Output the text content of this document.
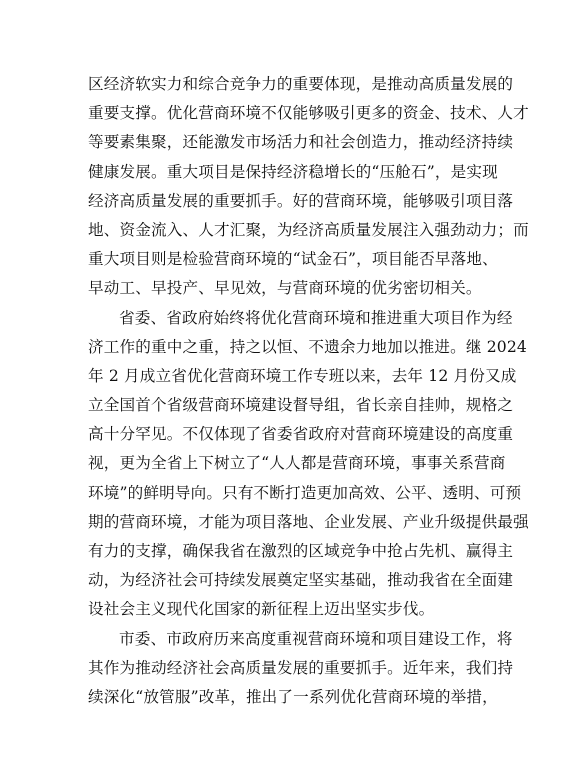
区经济软实力和综合竞争力的重要体现，是推动高质量发展的
重要支撑。优化营商环境不仅能够吸引更多的资金、技术、人才
等要素集聚，还能激发市场活力和社会创造力，推动经济持续
健康发展。重大项目是保持经济稳增长的“压舱石”，是实现
经济高质量发展的重要抓手。好的营商环境，能够吸引项目落
地、资金流入、人才汇聚，为经济高质量发展注入强劲动力；而
重大项目则是检验营商环境的“试金石”，项目能否早落地、
早动工、早投产、早见效，与营商环境的优劣密切相关。
省委、省政府始终将优化营商环境和推进重大项目作为经
济工作的重中之重，持之以恒、不遗余力地加以推进。继 2024
年 2 月成立省优化营商环境工作专班以来，去年 12 月份又成
立全国首个省级营商环境建设督导组，省长亲自挂帅，规格之
高十分罕见。不仅体现了省委省政府对营商环境建设的高度重
视，更为全省上下树立了“人人都是营商环境，事事关系营商
环境”的鲜明导向。只有不断打造更加高效、公平、透明、可预
期的营商环境，才能为项目落地、企业发展、产业升级提供最强
有力的支撑，确保我省在激烈的区域竞争中抢占先机、赢得主
动，为经济社会可持续发展奠定坚实基础，推动我省在全面建
设社会主义现代化国家的新征程上迈出坚实步伐。
市委、市政府历来高度重视营商环境和项目建设工作，将
其作为推动经济社会高质量发展的重要抓手。近年来，我们持
续深化“放管服”改革，推出了一系列优化营商环境的举措，
